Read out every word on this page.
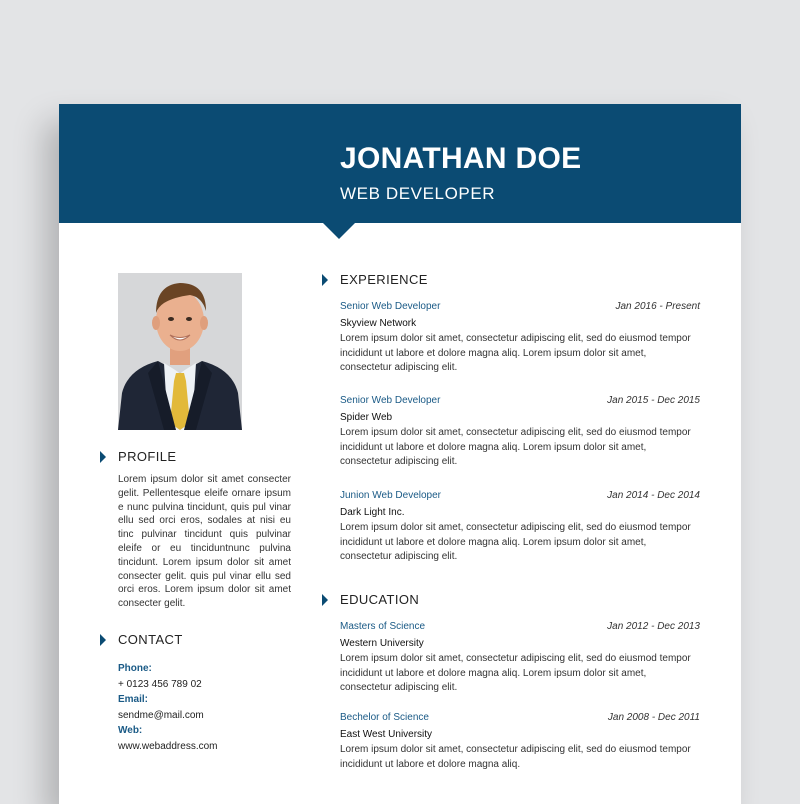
JONATHAN DOE
WEB DEVELOPER
PROFILE
Lorem ipsum dolor sit amet consecter gelit. Pellentesque eleife ornare ipsum e nunc pulvina tincidunt, quis pul vinar ellu sed orci eros, sodales at nisi eu tinc pulvinar tincidunt quis pulvinar eleife or eu tinciduntnunc pulvina tincidunt. Lorem ipsum dolor sit amet consecter gelit. quis pul vinar ellu sed orci eros. Lorem ipsum dolor sit amet consecter gelit.
CONTACT
Phone:
+ 0123 456 789 02
Email:
sendme@mail.com
Web:
www.webaddress.com
EXPERIENCE
Senior Web Developer	Jan 2016 - Present
Skyview Network
Lorem ipsum dolor sit amet, consectetur adipiscing elit, sed do eiusmod tempor incididunt ut labore et dolore magna aliq. Lorem ipsum dolor sit amet, consectetur adipiscing elit.
Senior Web Developer	Jan 2015 - Dec 2015
Spider Web
Lorem ipsum dolor sit amet, consectetur adipiscing elit, sed do eiusmod tempor incididunt ut labore et dolore magna aliq. Lorem ipsum dolor sit amet, consectetur adipiscing elit.
Junion Web Developer	Jan 2014 - Dec 2014
Dark Light Inc.
Lorem ipsum dolor sit amet, consectetur adipiscing elit, sed do eiusmod tempor incididunt ut labore et dolore magna aliq. Lorem ipsum dolor sit amet, consectetur adipiscing elit.
EDUCATION
Masters of Science	Jan 2012 - Dec 2013
Western University
Lorem ipsum dolor sit amet, consectetur adipiscing elit, sed do eiusmod tempor incididunt ut labore et dolore magna aliq. Lorem ipsum dolor sit amet, consectetur adipiscing elit.
Bechelor of Science	Jan 2008 - Dec 2011
East West University
Lorem ipsum dolor sit amet, consectetur adipiscing elit, sed do eiusmod tempor incididunt ut labore et dolore magna aliq.
